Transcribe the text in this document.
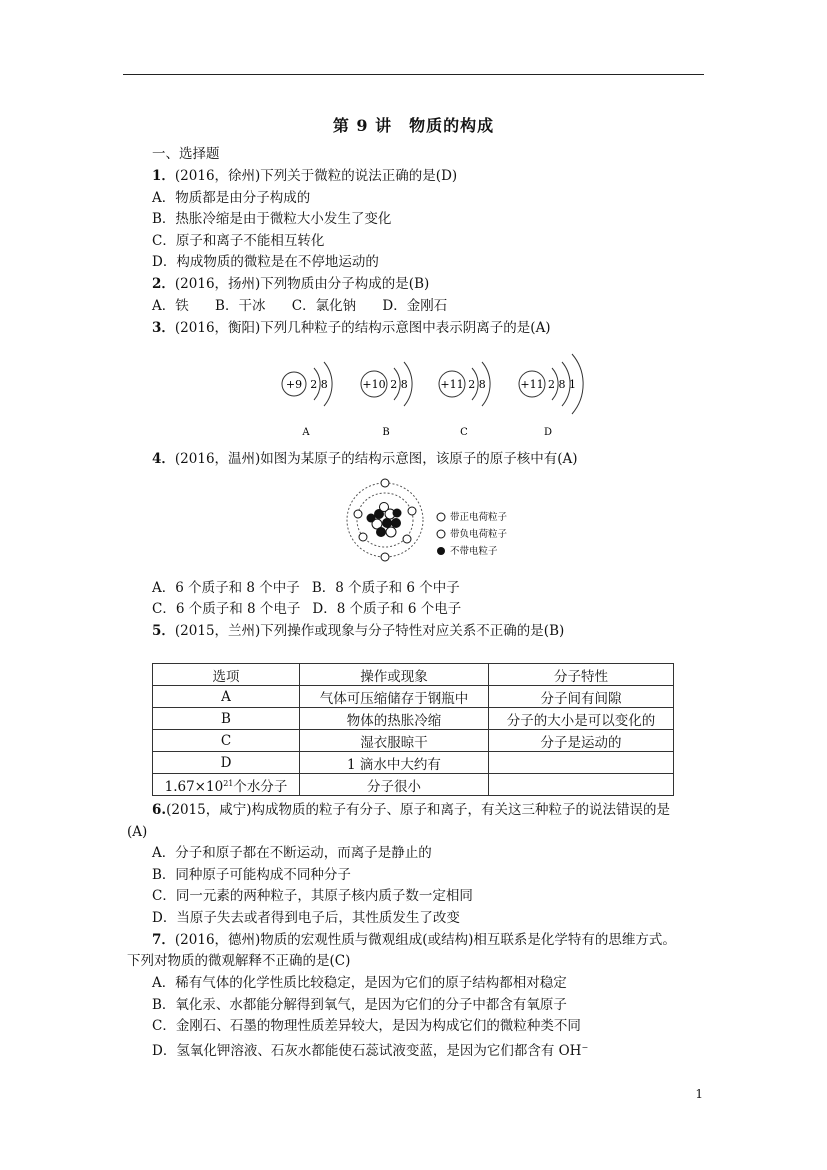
第 9 讲　物质的构成
一、选择题
1．(2016，徐州)下列关于微粒的说法正确的是(D)
A．物质都是由分子构成的
B．热胀冷缩是由于微粒大小发生了变化
C．原子和离子不能相互转化
D．构成物质的微粒是在不停地运动的
2．(2016，扬州)下列物质由分子构成的是(B)
A．铁 B．干冰 C．氯化钠 D．金刚石
3．(2016，衡阳)下列几种粒子的结构示意图中表示阴离子的是(A)
+9 2 8
A
+10 2 8
B
+11 2 8
C
+11 2 8 1
D
4．(2016，温州)如图为某原子的结构示意图，该原子的原子核中有(A)
带正电荷粒子
带负电荷粒子
不带电粒子
A．6 个质子和 8 个中子 B．8 个质子和 6 个中子
C．6 个质子和 8 个电子 D．8 个质子和 6 个电子
5．(2015，兰州)下列操作或现象与分子特性对应关系不正确的是(B)
选项	操作或现象	分子特性
A	气体可压缩储存于钢瓶中	分子间有间隙
B	物体的热胀冷缩	分子的大小是可以变化的
C	湿衣服晾干	分子是运动的
D	1 滴水中大约有	
$1.67\times 10^{21}$个水分子	分子很小	
6.(2015，咸宁)构成物质的粒子有分子、原子和离子，有关这三种粒子的说法错误的是
(A)
A．分子和原子都在不断运动，而离子是静止的
B．同种原子可能构成不同种分子
C．同一元素的两种粒子，其原子核内质子数一定相同
D．当原子失去或者得到电子后，其性质发生了改变
7．(2016，德州)物质的宏观性质与微观组成(或结构)相互联系是化学特有的思维方式。
下列对物质的微观解释不正确的是(C)
A．稀有气体的化学性质比较稳定，是因为它们的原子结构都相对稳定
B．氧化汞、水都能分解得到氧气，是因为它们的分子中都含有氧原子
C．金刚石、石墨的物理性质差异较大，是因为构成它们的微粒种类不同
D．氢氧化钾溶液、石灰水都能使石蕊试液变蓝，是因为它们都含有 OH−
1
